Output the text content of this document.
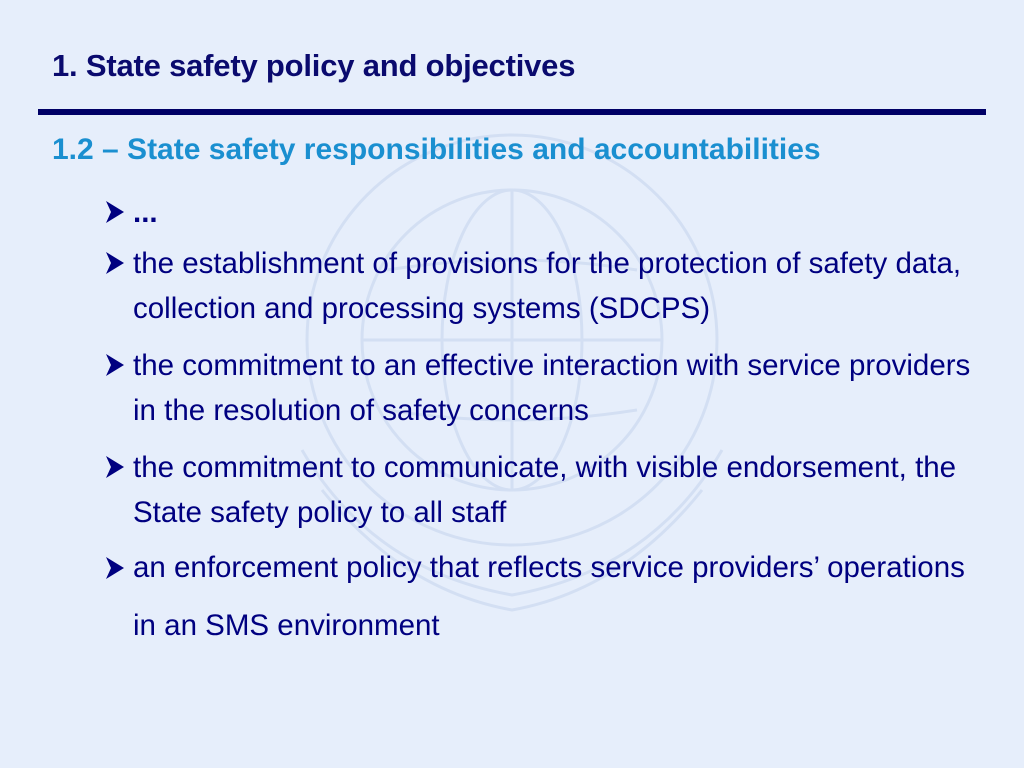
1. State safety policy and objectives
1.2 – State safety responsibilities and accountabilities
...
the establishment of provisions for the protection of safety data, collection and processing systems (SDCPS)
the commitment to an effective interaction with service providers in the resolution of safety concerns
the commitment to communicate, with visible endorsement, the State safety policy to all staff
an enforcement policy that reflects service providers’ operations in an SMS environment
